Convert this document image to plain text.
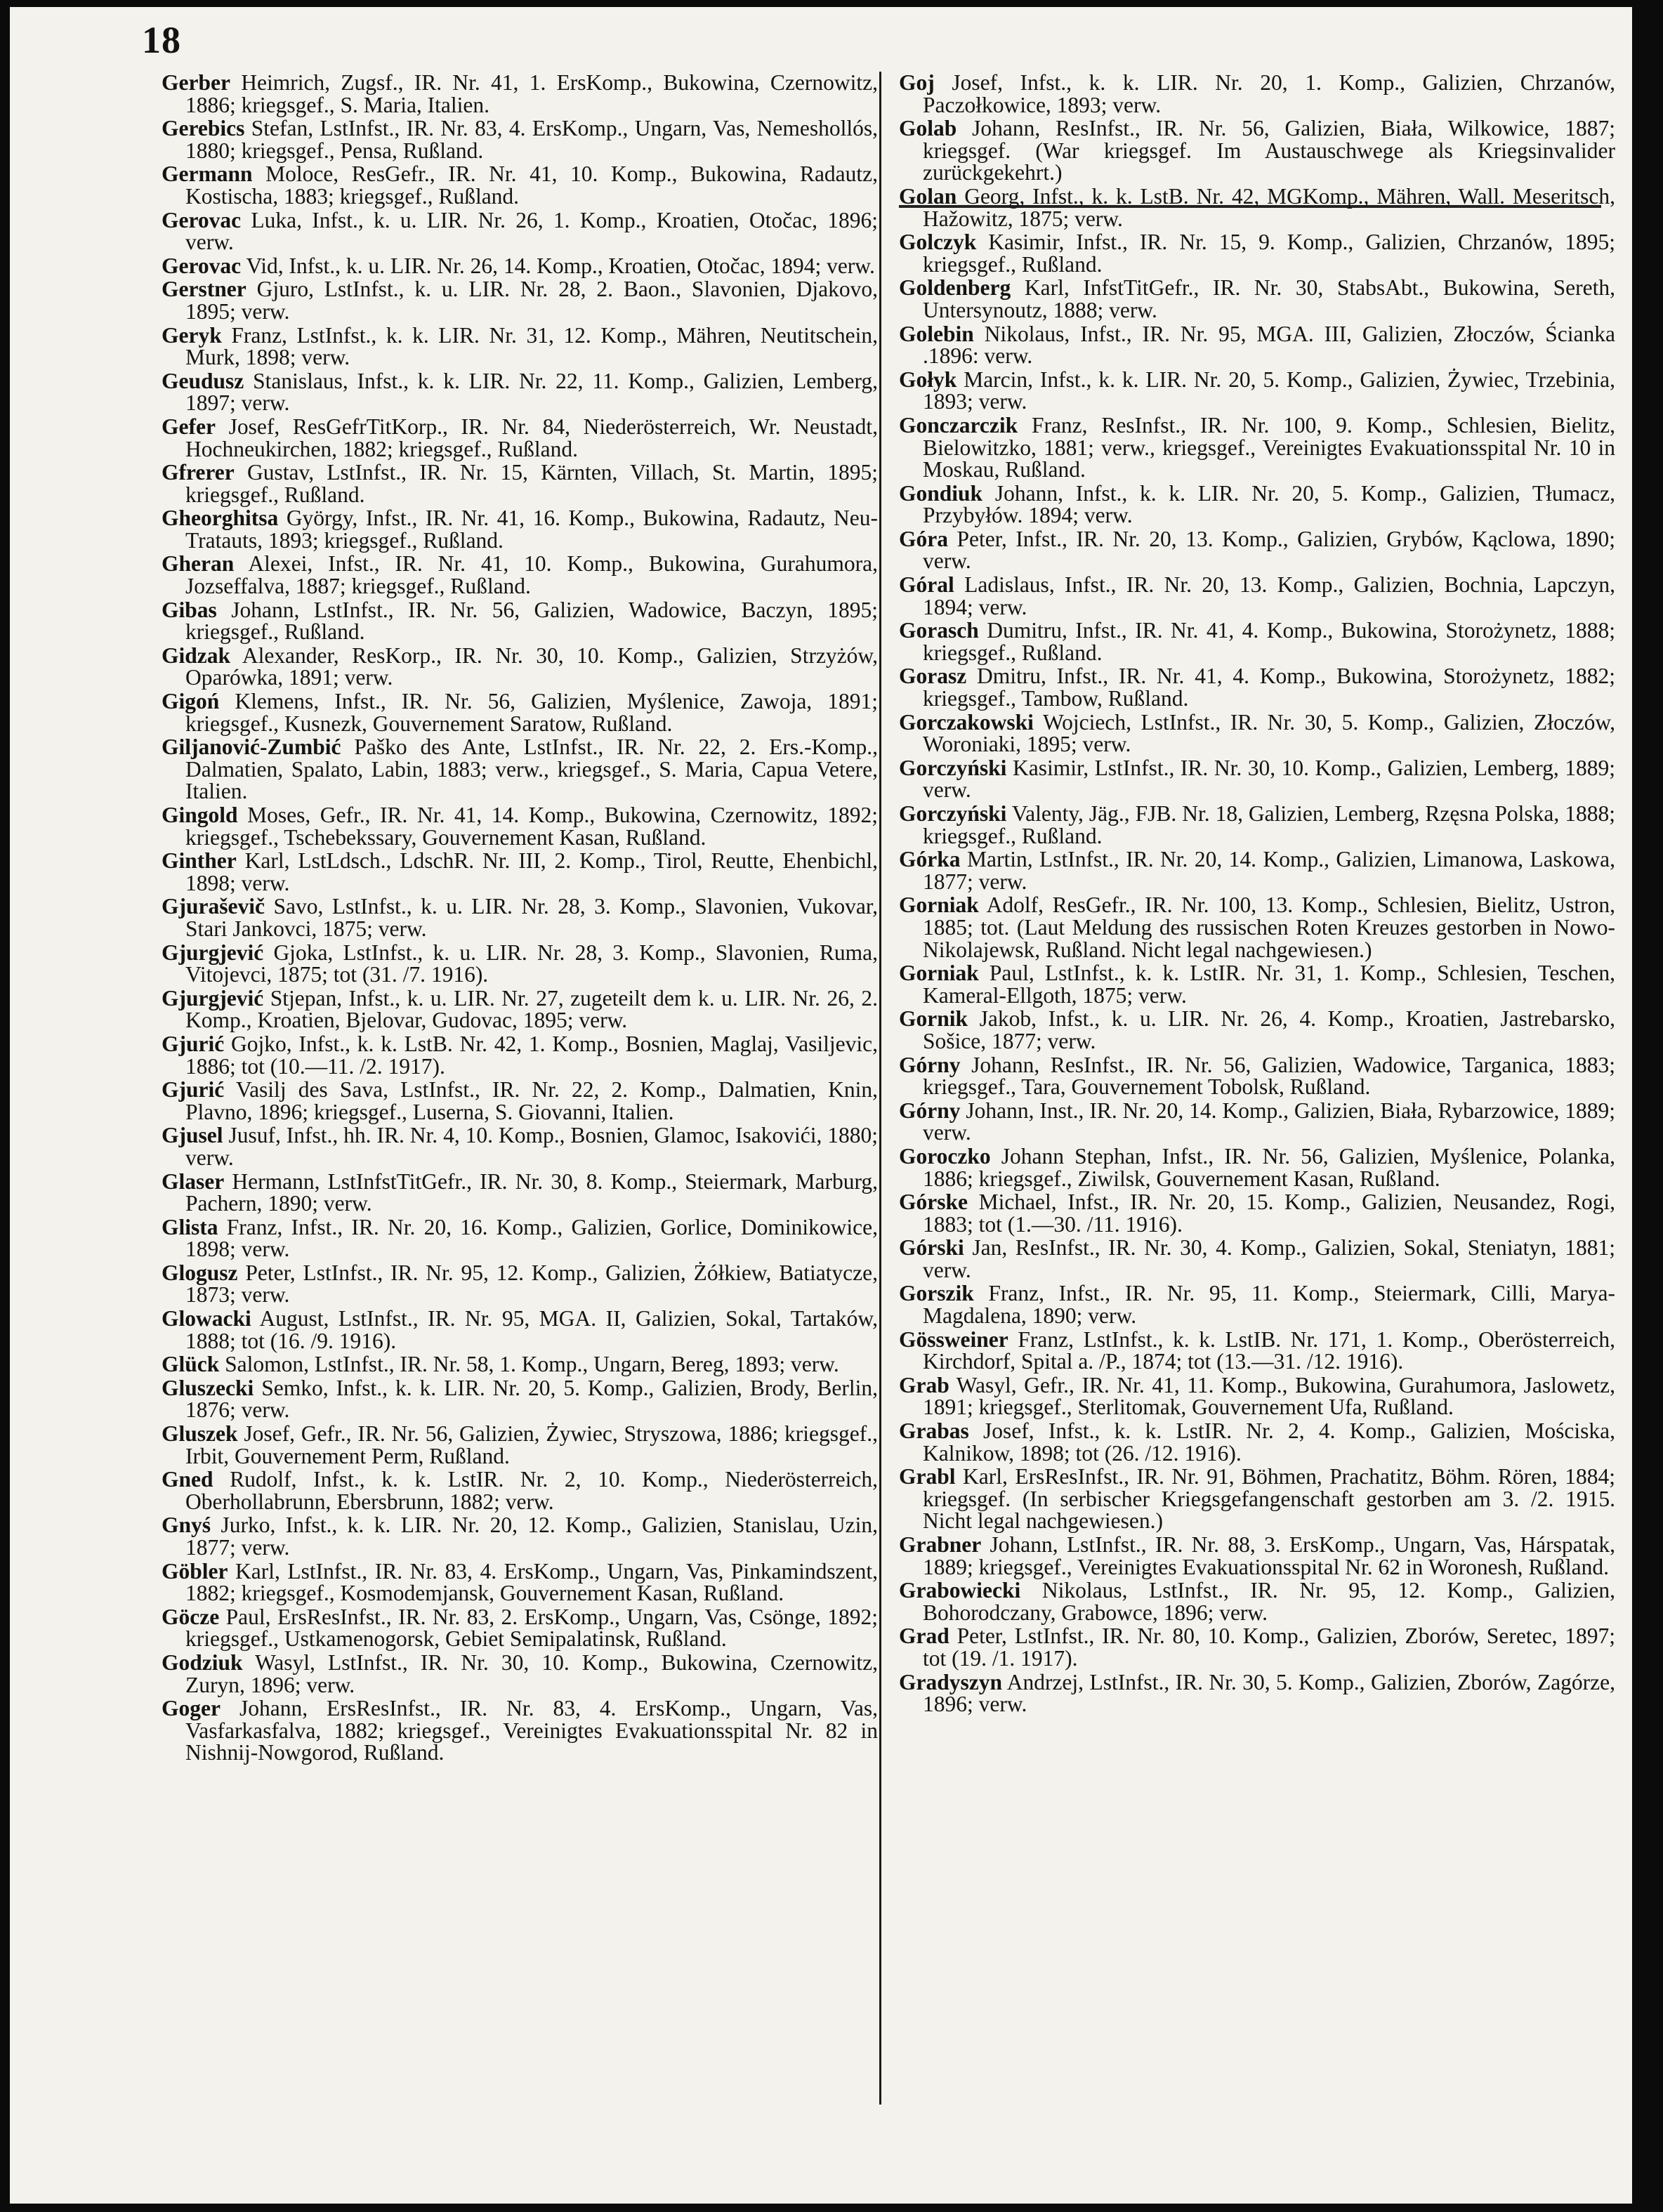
18

Gerber Heimrich, Zugsf., IR. Nr. 41, 1. ErsKomp., Bukowina, Czernowitz, 1886; kriegsgef., S. Maria, Italien.

Gerebics Stefan, LstInfst., IR. Nr. 83, 4. ErsKomp., Ungarn, Vas, Nemeshollós, 1880; kriegsgef., Pensa, Rußland.

Germann Moloce, ResGefr., IR. Nr. 41, 10. Komp., Bukowina, Radautz, Kostischa, 1883; kriegsgef., Rußland.

Gerovac Luka, Infst., k. u. LIR. Nr. 26, 1. Komp., Kroatien, Otočac, 1896; verw.

Gerovac Vid, Infst., k. u. LIR. Nr. 26, 14. Komp., Kroatien, Otočac, 1894; verw.

Gerstner Gjuro, LstInfst., k. u. LIR. Nr. 28, 2. Baon., Slavonien, Djakovo, 1895; verw.

Geryk Franz, LstInfst., k. k. LIR. Nr. 31, 12. Komp., Mähren, Neutitschein, Murk, 1898; verw.

Geudusz Stanislaus, Infst., k. k. LIR. Nr. 22, 11. Komp., Galizien, Lemberg, 1897; verw.

Gefer Josef, ResGefrTitKorp., IR. Nr. 84, Niederösterreich, Wr. Neustadt, Hochneukirchen, 1882; kriegsgef., Rußland.

Gfrerer Gustav, LstInfst., IR. Nr. 15, Kärnten, Villach, St. Martin, 1895; kriegsgef., Rußland.

Gheorghitsa György, Infst., IR. Nr. 41, 16. Komp., Bukowina, Radautz, Neu-Tratauts, 1893; kriegsgef., Rußland.

Gheran Alexei, Infst., IR. Nr. 41, 10. Komp., Bukowina, Gurahumora, Jozseffalva, 1887; kriegsgef., Rußland.

Gibas Johann, LstInfst., IR. Nr. 56, Galizien, Wadowice, Baczyn, 1895; kriegsgef., Rußland.

Gidzak Alexander, ResKorp., IR. Nr. 30, 10. Komp., Galizien, Strzyżów, Oparówka, 1891; verw.

Gigoń Klemens, Infst., IR. Nr. 56, Galizien, Myślenice, Zawoja, 1891; kriegsgef., Kusnezk, Gouvernement Saratow, Rußland.

Giljanović-Zumbić Paško des Ante, LstInfst., IR. Nr. 22, 2. Ers.-Komp., Dalmatien, Spalato, Labin, 1883; verw., kriegsgef., S. Maria, Capua Vetere, Italien.

Gingold Moses, Gefr., IR. Nr. 41, 14. Komp., Bukowina, Czernowitz, 1892; kriegsgef., Tschebekssary, Gouvernement Kasan, Rußland.

Ginther Karl, LstLdsch., LdschR. Nr. III, 2. Komp., Tirol, Reutte, Ehenbichl, 1898; verw.

Gjuraševič Savo, LstInfst., k. u. LIR. Nr. 28, 3. Komp., Slavonien, Vukovar, Stari Jankovci, 1875; verw.

Gjurgjević Gjoka, LstInfst., k. u. LIR. Nr. 28, 3. Komp., Slavonien, Ruma, Vitojevci, 1875; tot (31. /7. 1916).

Gjurgjević Stjepan, Infst., k. u. LIR. Nr. 27, zugeteilt dem k. u. LIR. Nr. 26, 2. Komp., Kroatien, Bjelovar, Gudovac, 1895; verw.

Gjurić Gojko, Infst., k. k. LstB. Nr. 42, 1. Komp., Bosnien, Maglaj, Vasiljevic, 1886; tot (10.—11. /2. 1917).

Gjurić Vasilj des Sava, LstInfst., IR. Nr. 22, 2. Komp., Dalmatien, Knin, Plavno, 1896; kriegsgef., Luserna, S. Giovanni, Italien.

Gjusel Jusuf, Infst., hh. IR. Nr. 4, 10. Komp., Bosnien, Glamoc, Isakovići, 1880; verw.

Glaser Hermann, LstInfstTitGefr., IR. Nr. 30, 8. Komp., Steiermark, Marburg, Pachern, 1890; verw.

Glista Franz, Infst., IR. Nr. 20, 16. Komp., Galizien, Gorlice, Dominikowice, 1898; verw.

Glogusz Peter, LstInfst., IR. Nr. 95, 12. Komp., Galizien, Żółkiew, Batiatycze, 1873; verw.

Glowacki August, LstInfst., IR. Nr. 95, MGA. II, Galizien, Sokal, Tartaków, 1888; tot (16. /9. 1916).

Glück Salomon, LstInfst., IR. Nr. 58, 1. Komp., Ungarn, Bereg, 1893; verw.

Gluszecki Semko, Infst., k. k. LIR. Nr. 20, 5. Komp., Galizien, Brody, Berlin, 1876; verw.

Gluszek Josef, Gefr., IR. Nr. 56, Galizien, Żywiec, Stryszowa, 1886; kriegsgef., Irbit, Gouvernement Perm, Rußland.

Gned Rudolf, Infst., k. k. LstIR. Nr. 2, 10. Komp., Niederösterreich, Oberhollabrunn, Ebersbrunn, 1882; verw.

Gnyś Jurko, Infst., k. k. LIR. Nr. 20, 12. Komp., Galizien, Stanislau, Uzin, 1877; verw.

Göbler Karl, LstInfst., IR. Nr. 83, 4. ErsKomp., Ungarn, Vas, Pinkamindszent, 1882; kriegsgef., Kosmodemjansk, Gouvernement Kasan, Rußland.

Göcze Paul, ErsResInfst., IR. Nr. 83, 2. ErsKomp., Ungarn, Vas, Csönge, 1892; kriegsgef., Ustkamenogorsk, Gebiet Semipalatinsk, Rußland.

Godziuk Wasyl, LstInfst., IR. Nr. 30, 10. Komp., Bukowina, Czernowitz, Zuryn, 1896; verw.

Goger Johann, ErsResInfst., IR. Nr. 83, 4. ErsKomp., Ungarn, Vas, Vasfarkasfalva, 1882; kriegsgef., Vereinigtes Evakuationsspital Nr. 82 in Nishnij-Nowgorod, Rußland.

Goj Josef, Infst., k. k. LIR. Nr. 20, 1. Komp., Galizien, Chrzanów, Paczołkowice, 1893; verw.

Golab Johann, ResInfst., IR. Nr. 56, Galizien, Biała, Wilkowice, 1887; kriegsgef. (War kriegsgef. Im Austauschwege als Kriegsinvalider zurückgekehrt.)

Golan Georg, Infst., k. k. LstB. Nr. 42, MGKomp., Mähren, Wall. Meseritsch, Hažowitz, 1875; verw.

Golczyk Kasimir, Infst., IR. Nr. 15, 9. Komp., Galizien, Chrzanów, 1895; kriegsgef., Rußland.

Goldenberg Karl, InfstTitGefr., IR. Nr. 30, StabsAbt., Bukowina, Sereth, Untersynoutz, 1888; verw.

Golebin Nikolaus, Infst., IR. Nr. 95, MGA. III, Galizien, Złoczów, Ścianka .1896: verw.

Gołyk Marcin, Infst., k. k. LIR. Nr. 20, 5. Komp., Galizien, Żywiec, Trzebinia, 1893; verw.

Gonczarczik Franz, ResInfst., IR. Nr. 100, 9. Komp., Schlesien, Bielitz, Bielowitzko, 1881; verw., kriegsgef., Vereinigtes Evakuationsspital Nr. 10 in Moskau, Rußland.

Gondiuk Johann, Infst., k. k. LIR. Nr. 20, 5. Komp., Galizien, Tłumacz, Przybyłów. 1894; verw.

Góra Peter, Infst., IR. Nr. 20, 13. Komp., Galizien, Grybów, Kąclowa, 1890; verw.

Góral Ladislaus, Infst., IR. Nr. 20, 13. Komp., Galizien, Bochnia, Lapczyn, 1894; verw.

Gorasch Dumitru, Infst., IR. Nr. 41, 4. Komp., Bukowina, Storożynetz, 1888; kriegsgef., Rußland.

Gorasz Dmitru, Infst., IR. Nr. 41, 4. Komp., Bukowina, Storożynetz, 1882; kriegsgef., Tambow, Rußland.

Gorczakowski Wojciech, LstInfst., IR. Nr. 30, 5. Komp., Galizien, Złoczów, Woroniaki, 1895; verw.

Gorczyński Kasimir, LstInfst., IR. Nr. 30, 10. Komp., Galizien, Lemberg, 1889; verw.

Gorczyński Valenty, Jäg., FJB. Nr. 18, Galizien, Lemberg, Rzęsna Polska, 1888; kriegsgef., Rußland.

Górka Martin, LstInfst., IR. Nr. 20, 14. Komp., Galizien, Limanowa, Laskowa, 1877; verw.

Gorniak Adolf, ResGefr., IR. Nr. 100, 13. Komp., Schlesien, Bielitz, Ustron, 1885; tot. (Laut Meldung des russischen Roten Kreuzes gestorben in Nowo-Nikolajewsk, Rußland. Nicht legal nachgewiesen.)

Gorniak Paul, LstInfst., k. k. LstIR. Nr. 31, 1. Komp., Schlesien, Teschen, Kameral-Ellgoth, 1875; verw.

Gornik Jakob, Infst., k. u. LIR. Nr. 26, 4. Komp., Kroatien, Jastrebarsko, Sošice, 1877; verw.

Górny Johann, ResInfst., IR. Nr. 56, Galizien, Wadowice, Targanica, 1883; kriegsgef., Tara, Gouvernement Tobolsk, Rußland.

Górny Johann, Inst., IR. Nr. 20, 14. Komp., Galizien, Biała, Rybarzowice, 1889; verw.

Goroczko Johann Stephan, Infst., IR. Nr. 56, Galizien, Myślenice, Polanka, 1886; kriegsgef., Ziwilsk, Gouvernement Kasan, Rußland.

Górske Michael, Infst., IR. Nr. 20, 15. Komp., Galizien, Neusandez, Rogi, 1883; tot (1.—30. /11. 1916).

Górski Jan, ResInfst., IR. Nr. 30, 4. Komp., Galizien, Sokal, Steniatyn, 1881; verw.

Gorszik Franz, Infst., IR. Nr. 95, 11. Komp., Steiermark, Cilli, Marya-Magdalena, 1890; verw.

Gössweiner Franz, LstInfst., k. k. LstIB. Nr. 171, 1. Komp., Oberösterreich, Kirchdorf, Spital a. /P., 1874; tot (13.—31. /12. 1916).

Grab Wasyl, Gefr., IR. Nr. 41, 11. Komp., Bukowina, Gurahumora, Jaslowetz, 1891; kriegsgef., Sterlitomak, Gouvernement Ufa, Rußland.

Grabas Josef, Infst., k. k. LstIR. Nr. 2, 4. Komp., Galizien, Mościska, Kalnikow, 1898; tot (26. /12. 1916).

Grabl Karl, ErsResInfst., IR. Nr. 91, Böhmen, Prachatitz, Böhm. Rören, 1884; kriegsgef. (In serbischer Kriegsgefangenschaft gestorben am 3. /2. 1915. Nicht legal nachgewiesen.)

Grabner Johann, LstInfst., IR. Nr. 88, 3. ErsKomp., Ungarn, Vas, Hárspatak, 1889; kriegsgef., Vereinigtes Evakuationsspital Nr. 62 in Woronesh, Rußland.

Grabowiecki Nikolaus, LstInfst., IR. Nr. 95, 12. Komp., Galizien, Bohorodczany, Grabowce, 1896; verw.

Grad Peter, LstInfst., IR. Nr. 80, 10. Komp., Galizien, Zborów, Seretec, 1897; tot (19. /1. 1917).

Gradyszyn Andrzej, LstInfst., IR. Nr. 30, 5. Komp., Galizien, Zborów, Zagórze, 1896; verw.
